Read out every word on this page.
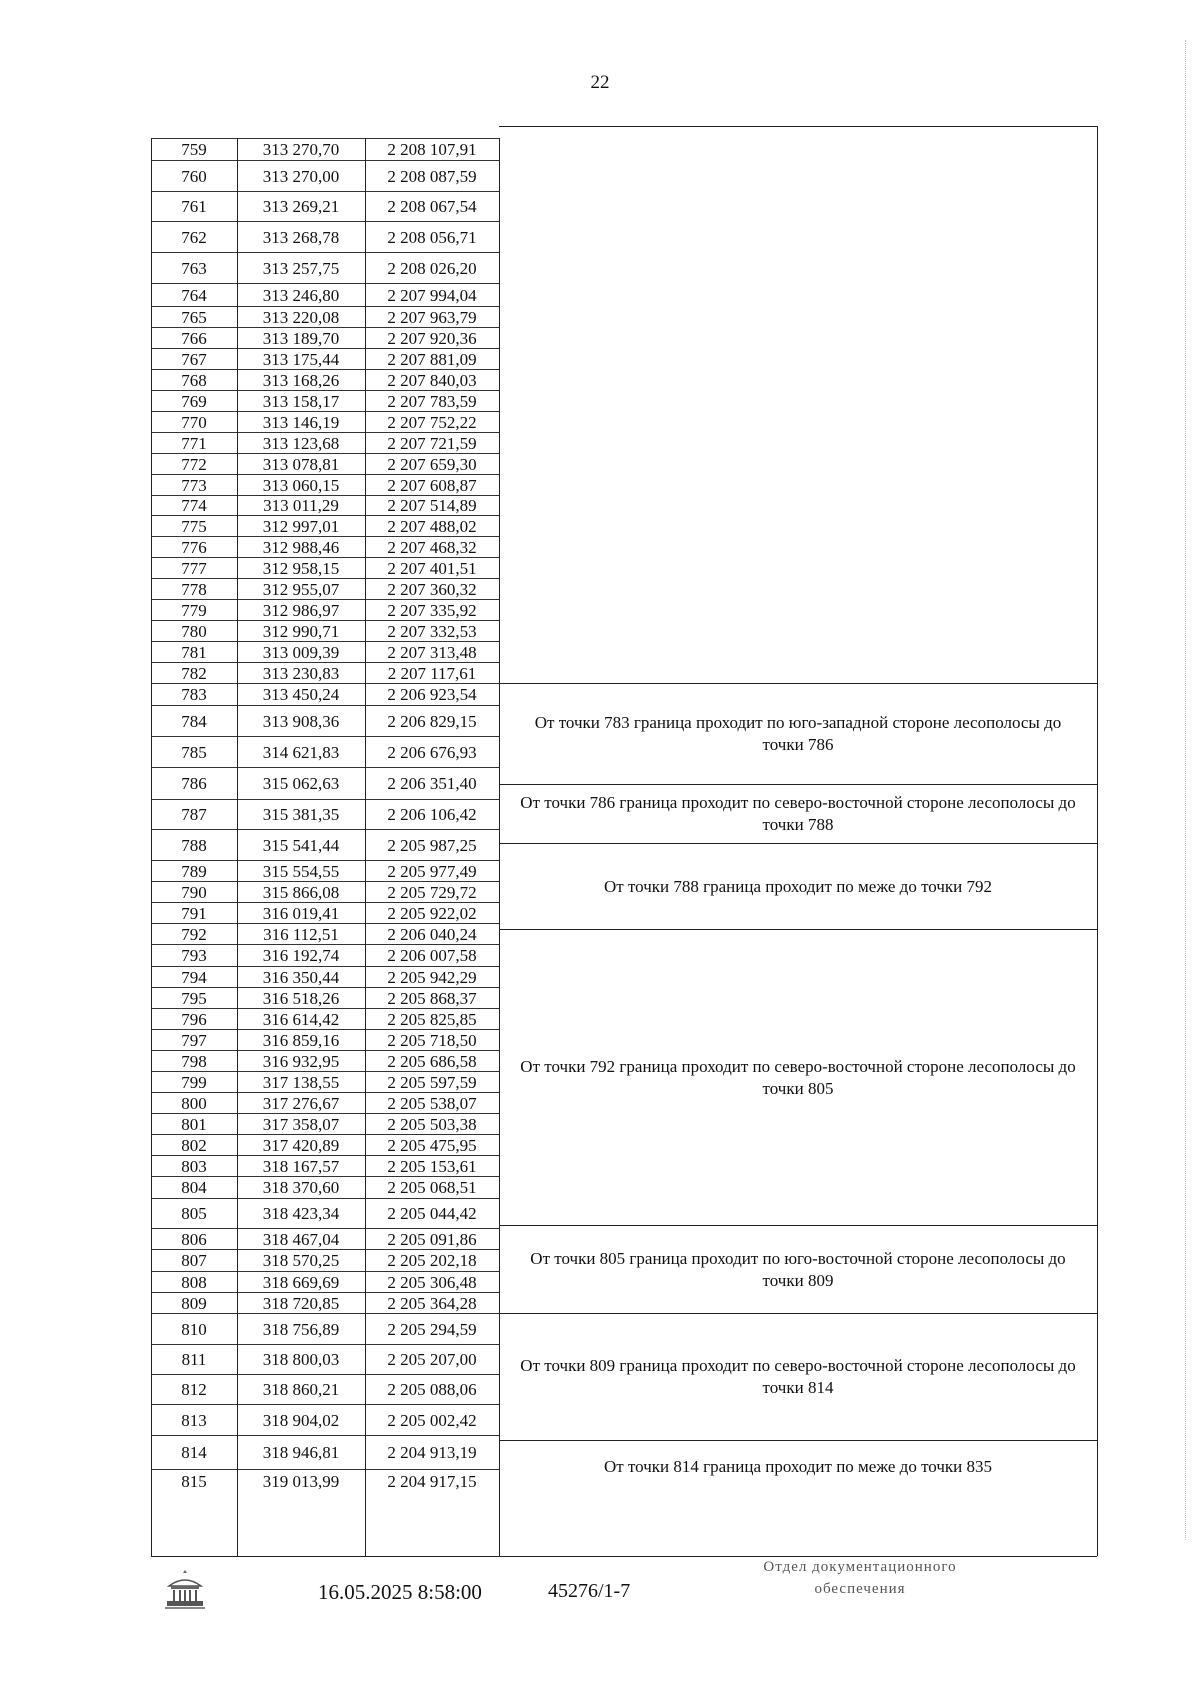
22
759	313 270,70	2 208 107,91
760	313 270,00	2 208 087,59
761	313 269,21	2 208 067,54
762	313 268,78	2 208 056,71
763	313 257,75	2 208 026,20
764	313 246,80	2 207 994,04
765	313 220,08	2 207 963,79
766	313 189,70	2 207 920,36
767	313 175,44	2 207 881,09
768	313 168,26	2 207 840,03
769	313 158,17	2 207 783,59
770	313 146,19	2 207 752,22
771	313 123,68	2 207 721,59
772	313 078,81	2 207 659,30
773	313 060,15	2 207 608,87
774	313 011,29	2 207 514,89
775	312 997,01	2 207 488,02
776	312 988,46	2 207 468,32
777	312 958,15	2 207 401,51
778	312 955,07	2 207 360,32
779	312 986,97	2 207 335,92
780	312 990,71	2 207 332,53
781	313 009,39	2 207 313,48
782	313 230,83	2 207 117,61
783	313 450,24	2 206 923,54
784	313 908,36	2 206 829,15
785	314 621,83	2 206 676,93
786	315 062,63	2 206 351,40
787	315 381,35	2 206 106,42
788	315 541,44	2 205 987,25
789	315 554,55	2 205 977,49
790	315 866,08	2 205 729,72
791	316 019,41	2 205 922,02
792	316 112,51	2 206 040,24
793	316 192,74	2 206 007,58
794	316 350,44	2 205 942,29
795	316 518,26	2 205 868,37
796	316 614,42	2 205 825,85
797	316 859,16	2 205 718,50
798	316 932,95	2 205 686,58
799	317 138,55	2 205 597,59
800	317 276,67	2 205 538,07
801	317 358,07	2 205 503,38
802	317 420,89	2 205 475,95
803	318 167,57	2 205 153,61
804	318 370,60	2 205 068,51
805	318 423,34	2 205 044,42
806	318 467,04	2 205 091,86
807	318 570,25	2 205 202,18
808	318 669,69	2 205 306,48
809	318 720,85	2 205 364,28
810	318 756,89	2 205 294,59
811	318 800,03	2 205 207,00
812	318 860,21	2 205 088,06
813	318 904,02	2 205 002,42
814	318 946,81	2 204 913,19
815	319 013,99	2 204 917,15
От точки 783 граница проходит по юго-западной стороне лесополосы до точки 786
От точки 786 граница проходит по северо-восточной стороне лесополосы до точки 788
От точки 788 граница проходит по меже до точки 792
От точки 792 граница проходит по северо-восточной стороне лесополосы до точки 805
От точки 805 граница проходит по юго-восточной стороне лесополосы до точки 809
От точки 809 граница проходит по северо-восточной стороне лесополосы до точки 814
От точки 814 граница проходит по меже до точки 835
16.05.2025 8:58:00	45276/1-7
Отдел документационного
обеспечения
